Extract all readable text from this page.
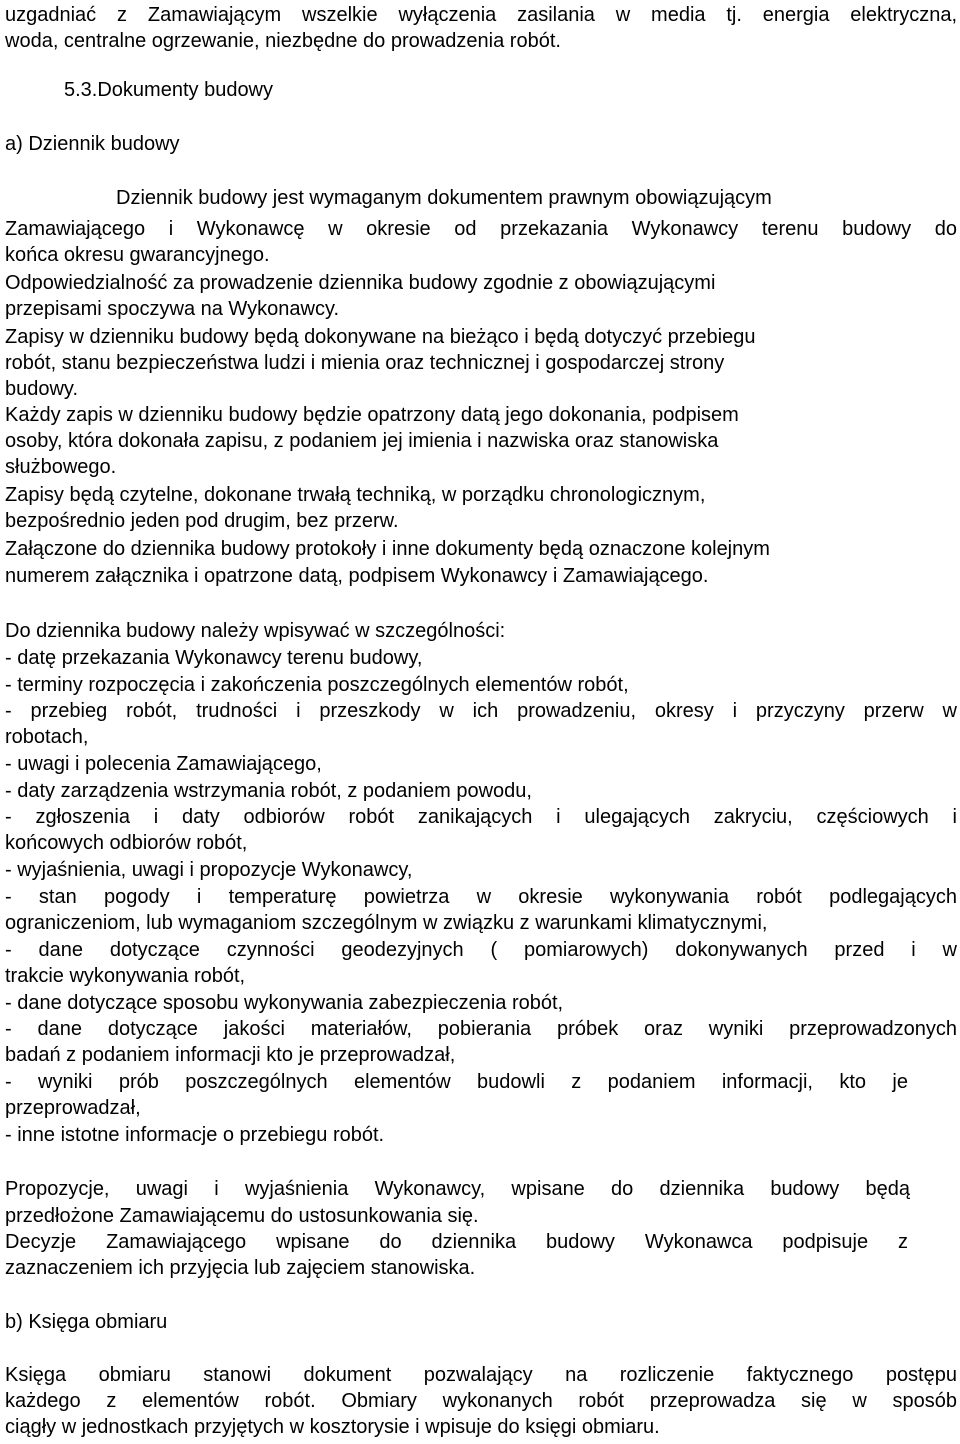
uzgadniać z Zamawiającym wszelkie wyłączenia zasilania w media tj. energia elektryczna,

woda, centralne ogrzewanie, niezbędne do prowadzenia robót.

5.3.Dokumenty budowy

a) Dziennik budowy

Dziennik budowy jest wymaganym dokumentem prawnym obowiązującym

Zamawiającego i Wykonawcę w okresie od przekazania Wykonawcy terenu budowy do

końca okresu gwarancyjnego.

Odpowiedzialność za prowadzenie dziennika budowy zgodnie z obowiązującymi

przepisami spoczywa na Wykonawcy.

Zapisy w dzienniku budowy będą dokonywane na bieżąco i będą dotyczyć przebiegu

robót, stanu bezpieczeństwa ludzi i mienia oraz technicznej i gospodarczej strony

budowy.

Każdy zapis w dzienniku budowy będzie opatrzony datą jego dokonania, podpisem

osoby, która dokonała zapisu, z podaniem jej imienia i nazwiska oraz stanowiska

służbowego.

Zapisy będą czytelne, dokonane trwałą techniką, w porządku chronologicznym,

bezpośrednio jeden pod drugim, bez przerw.

Załączone do dziennika budowy protokoły i inne dokumenty będą oznaczone kolejnym

numerem załącznika i opatrzone datą, podpisem Wykonawcy i Zamawiającego.

Do dziennika budowy należy wpisywać w szczególności:

- datę przekazania Wykonawcy terenu budowy,

- terminy rozpoczęcia i zakończenia poszczególnych elementów robót,

- przebieg robót, trudności i przeszkody w ich prowadzeniu, okresy i przyczyny przerw w

robotach,

- uwagi i polecenia Zamawiającego,

- daty zarządzenia wstrzymania robót, z podaniem powodu,

- zgłoszenia i daty odbiorów robót zanikających i ulegających zakryciu, częściowych i

końcowych odbiorów robót,

- wyjaśnienia, uwagi i propozycje Wykonawcy,

- stan pogody i temperaturę powietrza w okresie wykonywania robót podlegających

ograniczeniom, lub wymaganiom szczególnym w związku z warunkami klimatycznymi,

- dane dotyczące czynności geodezyjnych ( pomiarowych) dokonywanych przed i w

trakcie wykonywania robót,

- dane dotyczące sposobu wykonywania zabezpieczenia robót,

- dane dotyczące jakości materiałów, pobierania próbek oraz wyniki przeprowadzonych

badań z podaniem informacji kto je przeprowadzał,

- wyniki prób poszczególnych elementów budowli z podaniem informacji, kto je

przeprowadzał,

- inne istotne informacje o przebiegu robót.

Propozycje, uwagi i wyjaśnienia Wykonawcy, wpisane do dziennika budowy będą

przedłożone Zamawiającemu do ustosunkowania się.

Decyzje Zamawiającego wpisane do dziennika budowy Wykonawca podpisuje z

zaznaczeniem ich przyjęcia lub zajęciem stanowiska.

b) Księga obmiaru

Księga obmiaru stanowi dokument pozwalający na rozliczenie faktycznego postępu

każdego z elementów robót. Obmiary wykonanych robót przeprowadza się w sposób

ciągły w jednostkach przyjętych w kosztorysie i wpisuje do księgi obmiaru.
